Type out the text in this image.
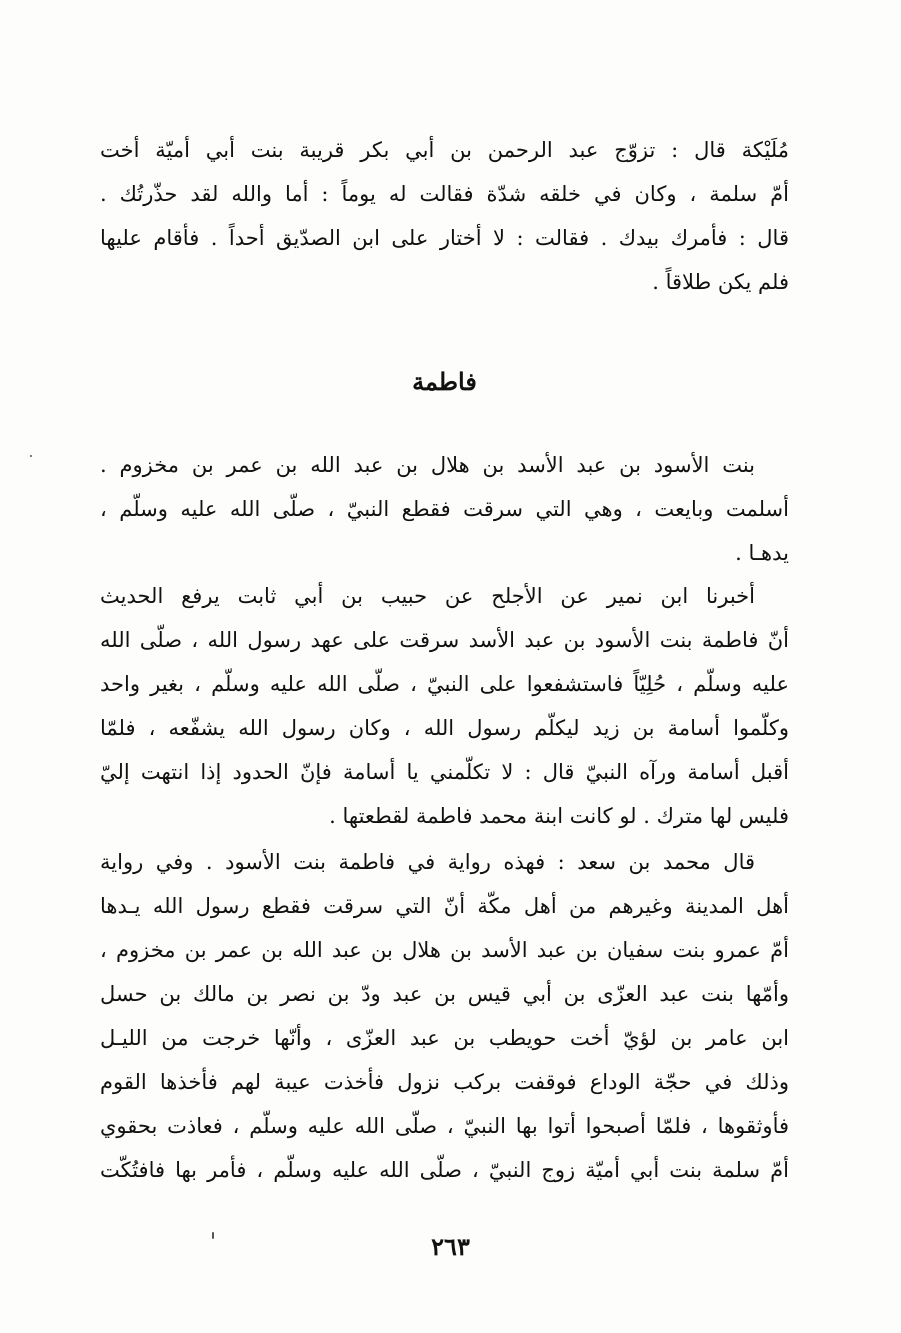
مُلَيْكة قال : تزوّج عبد الرحمن بن أبي بكر قريبة بنت أبي أميّة أخت
أمّ سلمة ، وكان في خلقه شدّة فقالت له يوماً : أما والله لقد حذّرتُك .
قال : فأمرك بيدك . فقالت : لا أختار على ابن الصدّيق أحداً . فأقام عليها
فلم يكن طلاقاً .
فاطمة
بنت الأسود بن عبد الأسد بن هلال بن عبد الله بن عمر بن مخزوم .
أسلمت وبايعت ، وهي التي سرقت فقطع النبيّ ، صلّى الله عليه وسلّم ،
يدهـا .
أخبرنا ابن نمير عن الأجلح عن حبيب بن أبي ثابت يرفع الحديث
أنّ فاطمة بنت الأسود بن عبد الأسد سرقت على عهد رسول الله ، صلّى الله
عليه وسلّم ، حُلِيّاً فاستشفعوا على النبيّ ، صلّى الله عليه وسلّم ، بغير واحد
وكلّموا أسامة بن زيد ليكلّم رسول الله ، وكان رسول الله يشفّعه ، فلمّا
أقبل أسامة ورآه النبيّ قال : لا تكلّمني يا أسامة فإنّ الحدود إذا انتهت إليّ
فليس لها مترك . لو كانت ابنة محمد فاطمة لقطعتها .
قال محمد بن سعد : فهذه رواية في فاطمة بنت الأسود . وفي رواية
أهل المدينة وغيرهم من أهل مكّة أنّ التي سرقت فقطع رسول الله يـدها
أمّ عمرو بنت سفيان بن عبد الأسد بن هلال بن عبد الله بن عمر بن مخزوم ،
وأمّها بنت عبد العزّى بن أبي قيس بن عبد ودّ بن نصر بن مالك بن حسل
ابن عامر بن لؤيّ أخت حويطب بن عبد العزّى ، وأنّها خرجت من الليـل
وذلك في حجّة الوداع فوقفت بركب نزول فأخذت عيبة لهم فأخذها القوم
فأوثقوها ، فلمّا أصبحوا أتوا بها النبيّ ، صلّى الله عليه وسلّم ، فعاذت بحقوي
أمّ سلمة بنت أبي أميّة زوج النبيّ ، صلّى الله عليه وسلّم ، فأمر بها فافتُكّت
٢٦٣
